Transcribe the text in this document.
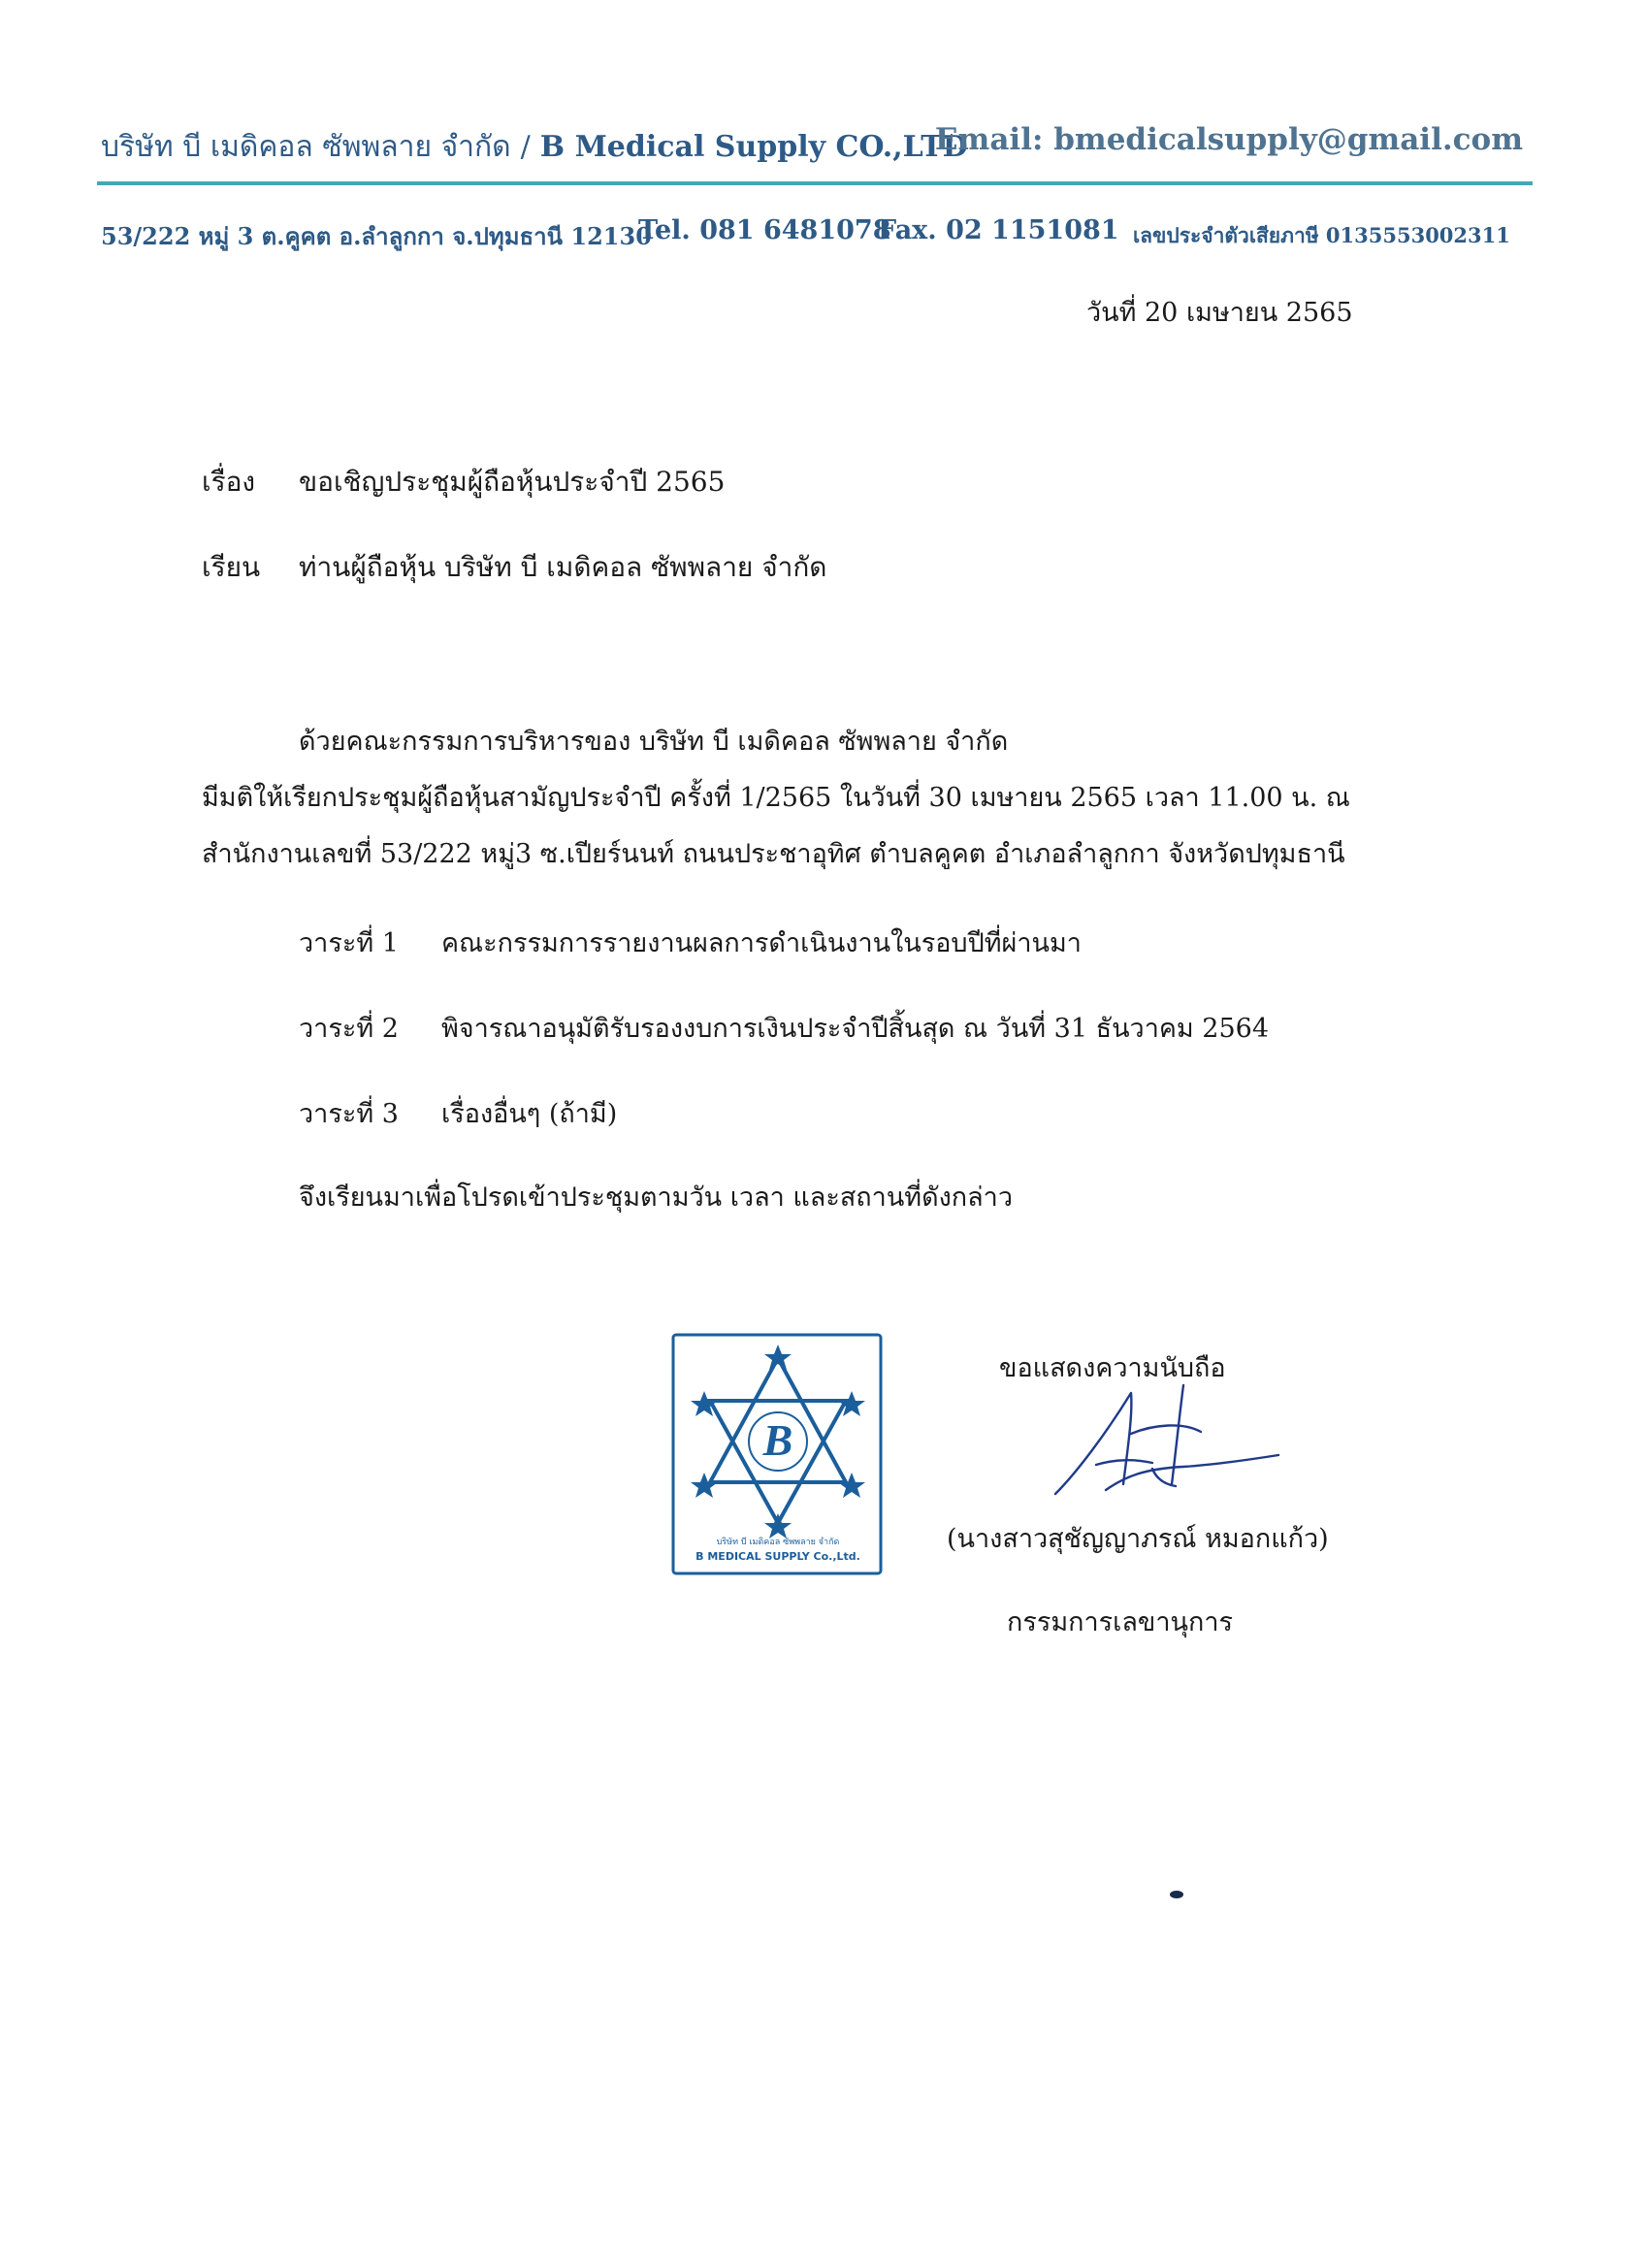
บริษัท บี เมดิคอล ซัพพลาย จำกัด / B Medical Supply CO.,LTD
Email: bmedicalsupply@gmail.com
53/222 หมู่ 3 ต.คูคต อ.ลำลูกกา จ.ปทุมธานี 12130
Tel. 081 6481078
Fax. 02 1151081 เลขประจำตัวเสียภาษี 0135553002311
วันที่ 20 เมษายน 2565
เรื่อง ขอเชิญประชุมผู้ถือหุ้นประจำปี 2565
เรียน ท่านผู้ถือหุ้น บริษัท บี เมดิคอล ซัพพลาย จำกัด
ด้วยคณะกรรมการบริหารของ บริษัท บี เมดิคอล ซัพพลาย จำกัด
มีมติให้เรียกประชุมผู้ถือหุ้นสามัญประจำปี ครั้งที่ 1/2565 ในวันที่ 30 เมษายน 2565 เวลา 11.00 น. ณ
สำนักงานเลขที่ 53/222 หมู่3 ซ.เปียร์นนท์ ถนนประชาอุทิศ ตำบลคูคต อำเภอลำลูกกา จังหวัดปทุมธานี
วาระที่ 1 คณะกรรมการรายงานผลการดำเนินงานในรอบปีที่ผ่านมา
วาระที่ 2 พิจารณาอนุมัติรับรองงบการเงินประจำปีสิ้นสุด ณ วันที่ 31 ธันวาคม 2564
วาระที่ 3 เรื่องอื่นๆ (ถ้ามี)
จึงเรียนมาเพื่อโปรดเข้าประชุมตามวัน เวลา และสถานที่ดังกล่าว
B
บริษัท บี เมดิคอล ซัพพลาย จำกัด
B MEDICAL SUPPLY Co.,Ltd.
ขอแสดงความนับถือ
(นางสาวสุชัญญาภรณ์ หมอกแก้ว)
กรรมการเลขานุการ
